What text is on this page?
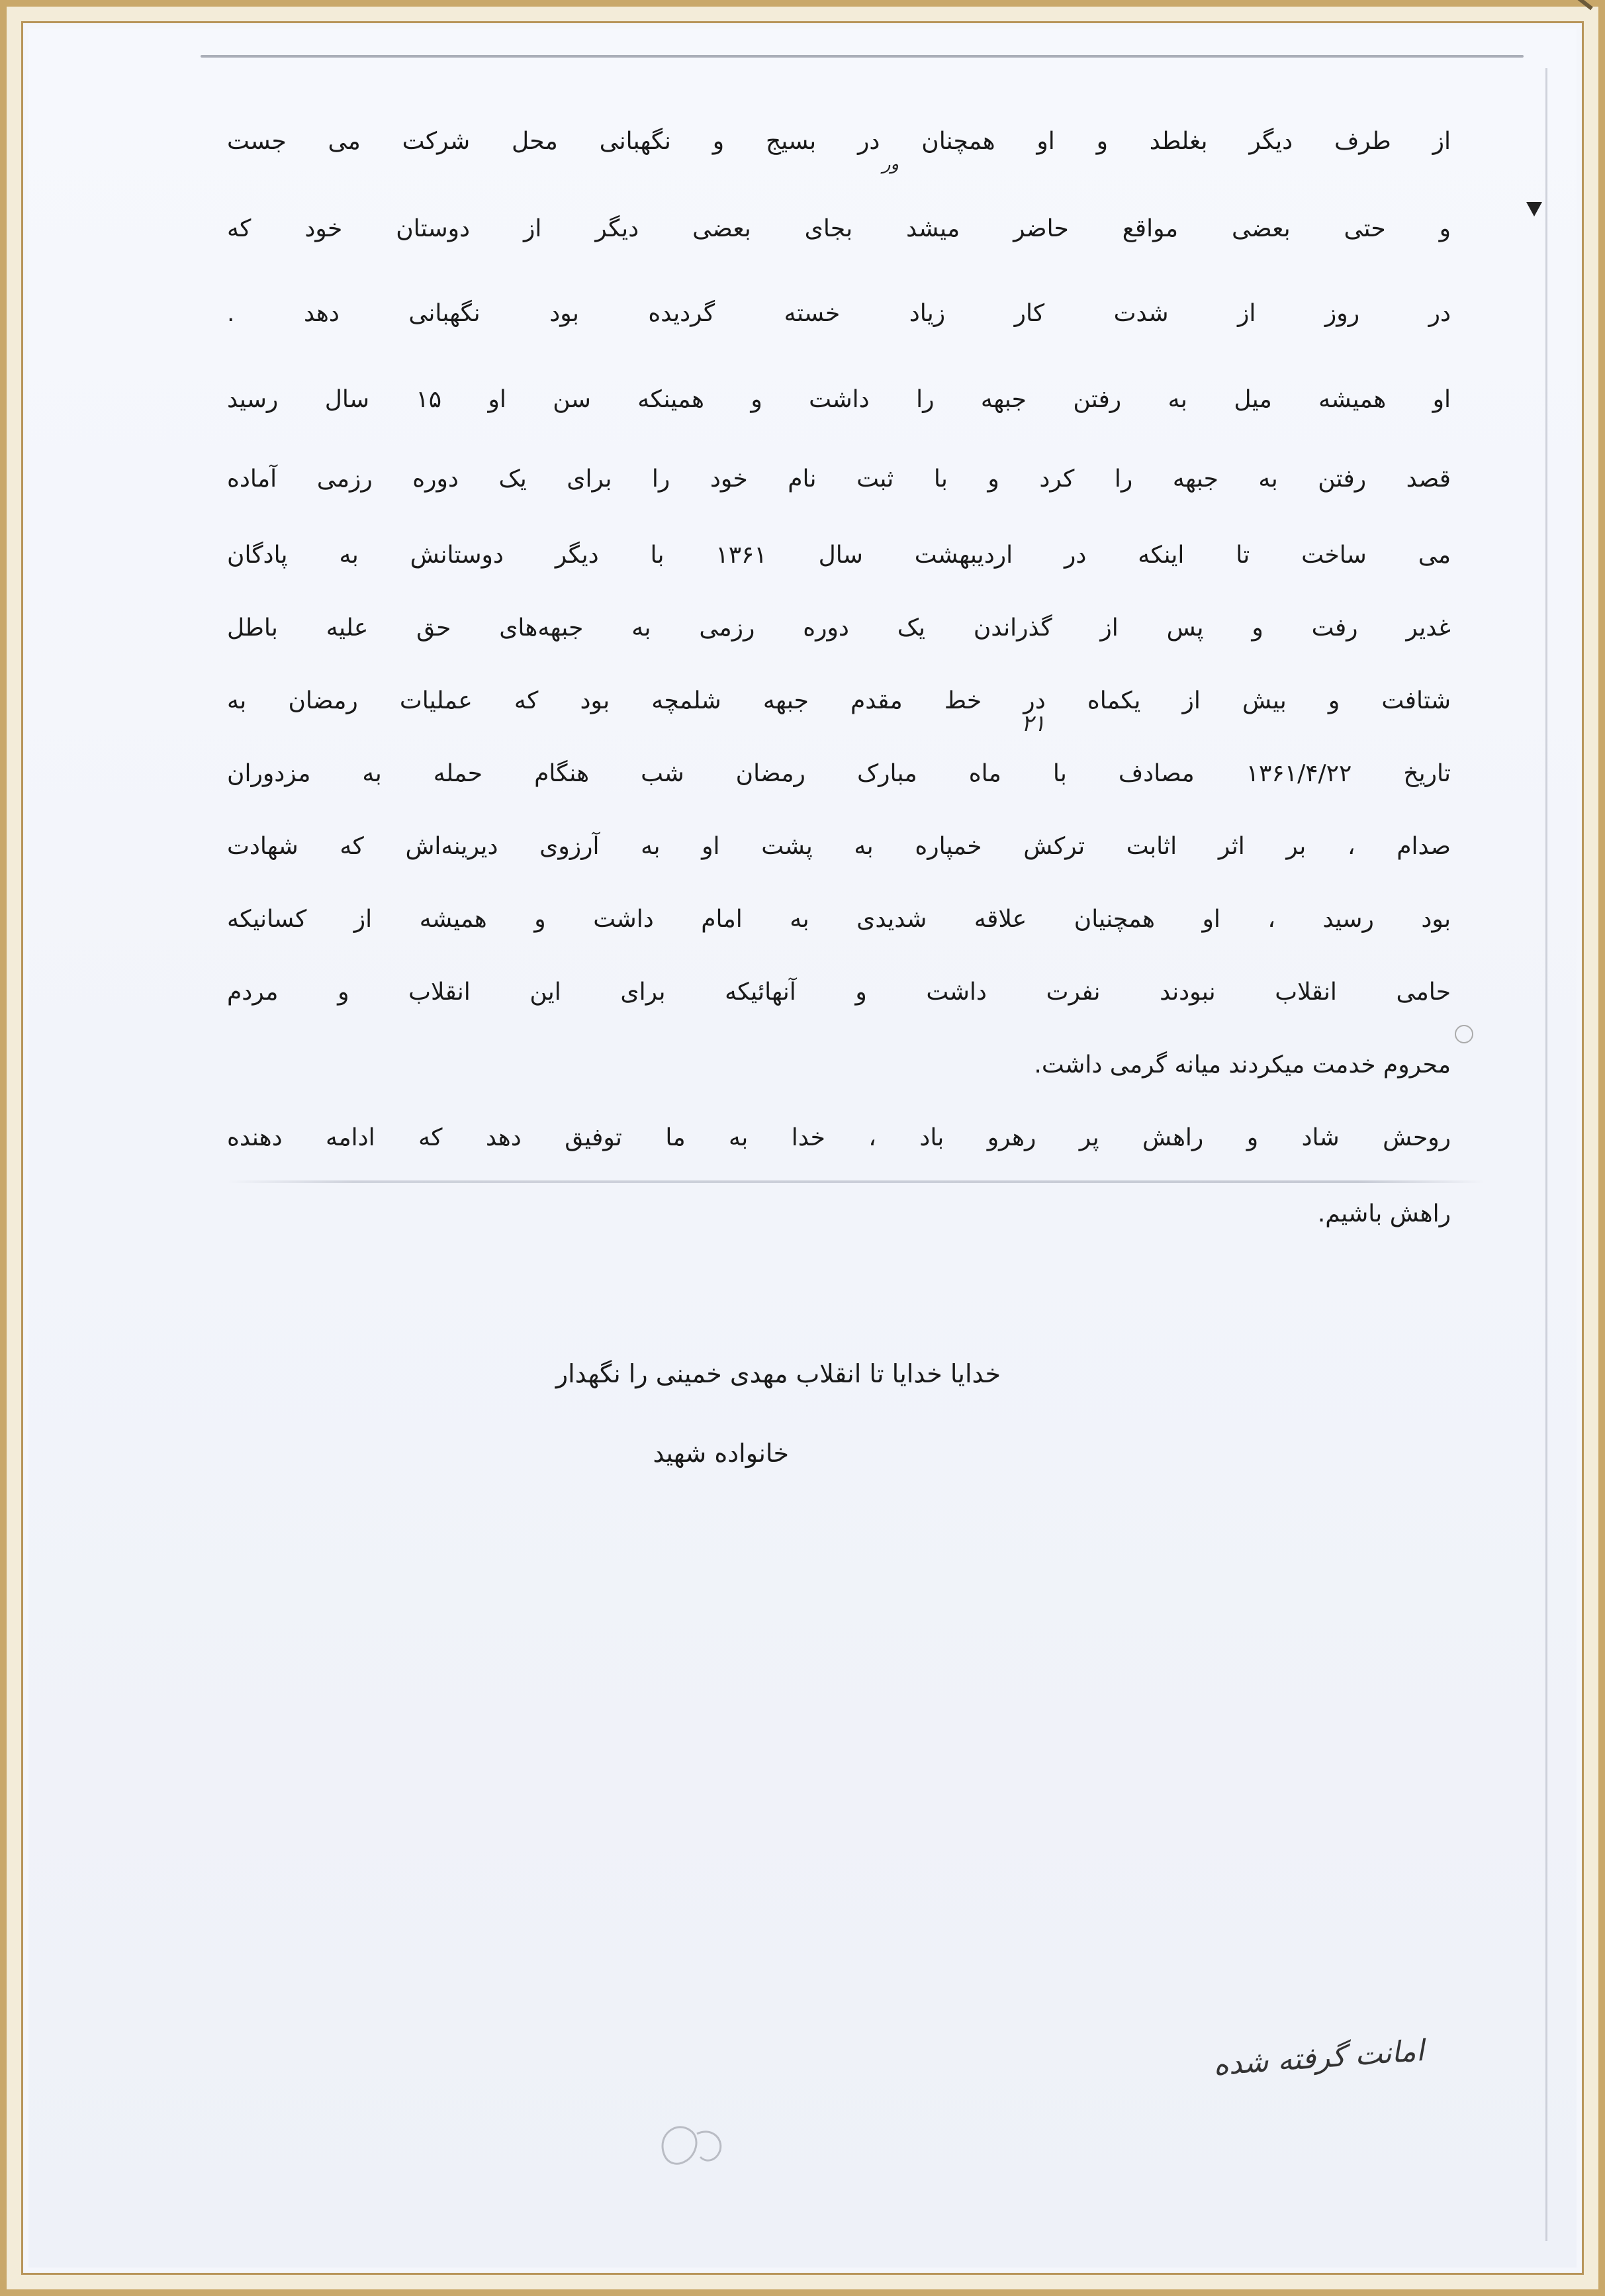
از طرف دیگر بغلطد و او همچنان در بسیج و نگهبانی محل شرکت می جست
و حتی بعضی مواقع حاضر میشد بجای بعضی دیگر از دوستان خود که
در روز از شدت کار زیاد خسته گردیده بود نگهبانی دهد .
او همیشه میل به رفتن جبهه را داشت و همینکه سن او ۱۵ سال رسید
قصد رفتن به جبهه را کرد و با ثبت نام خود را برای یک دوره رزمی آماده
می ساخت تا اینکه در اردیبهشت سال ۱۳۶۱ با دیگر دوستانش به پادگان
غدیر رفت و پس از گذراندن یک دوره رزمی به جبهه‌های حق علیه باطل
شتافت و بیش از یکماه در خط مقدم جبهه شلمچه بود که عملیات رمضان به
تاریخ ۱۳۶۱/۴/۲۲ مصادف با ماه مبارک رمضان شب هنگام حمله به مزدوران
صدام ، بر اثر اثابت ترکش خمپاره به پشت او به آرزوی دیرینه‌اش که شهادت
بود رسید ، او همچنیان علاقه شدیدی به امام داشت و همیشه از کسانیکه
حامی انقلاب نبودند نفرت داشت و آنهائیکه برای این انقلاب و مردم
محروم خدمت میکردند میانه گرمی داشت.
روحش شاد و راهش پر رهرو باد ، خدا به ما توفیق دهد که ادامه دهنده
راهش باشیم.
ور
۲۱
خدایا خدایا تا انقلاب مهدی خمینی را نگهدار
خانواده شهید
امانت گرفته شده
